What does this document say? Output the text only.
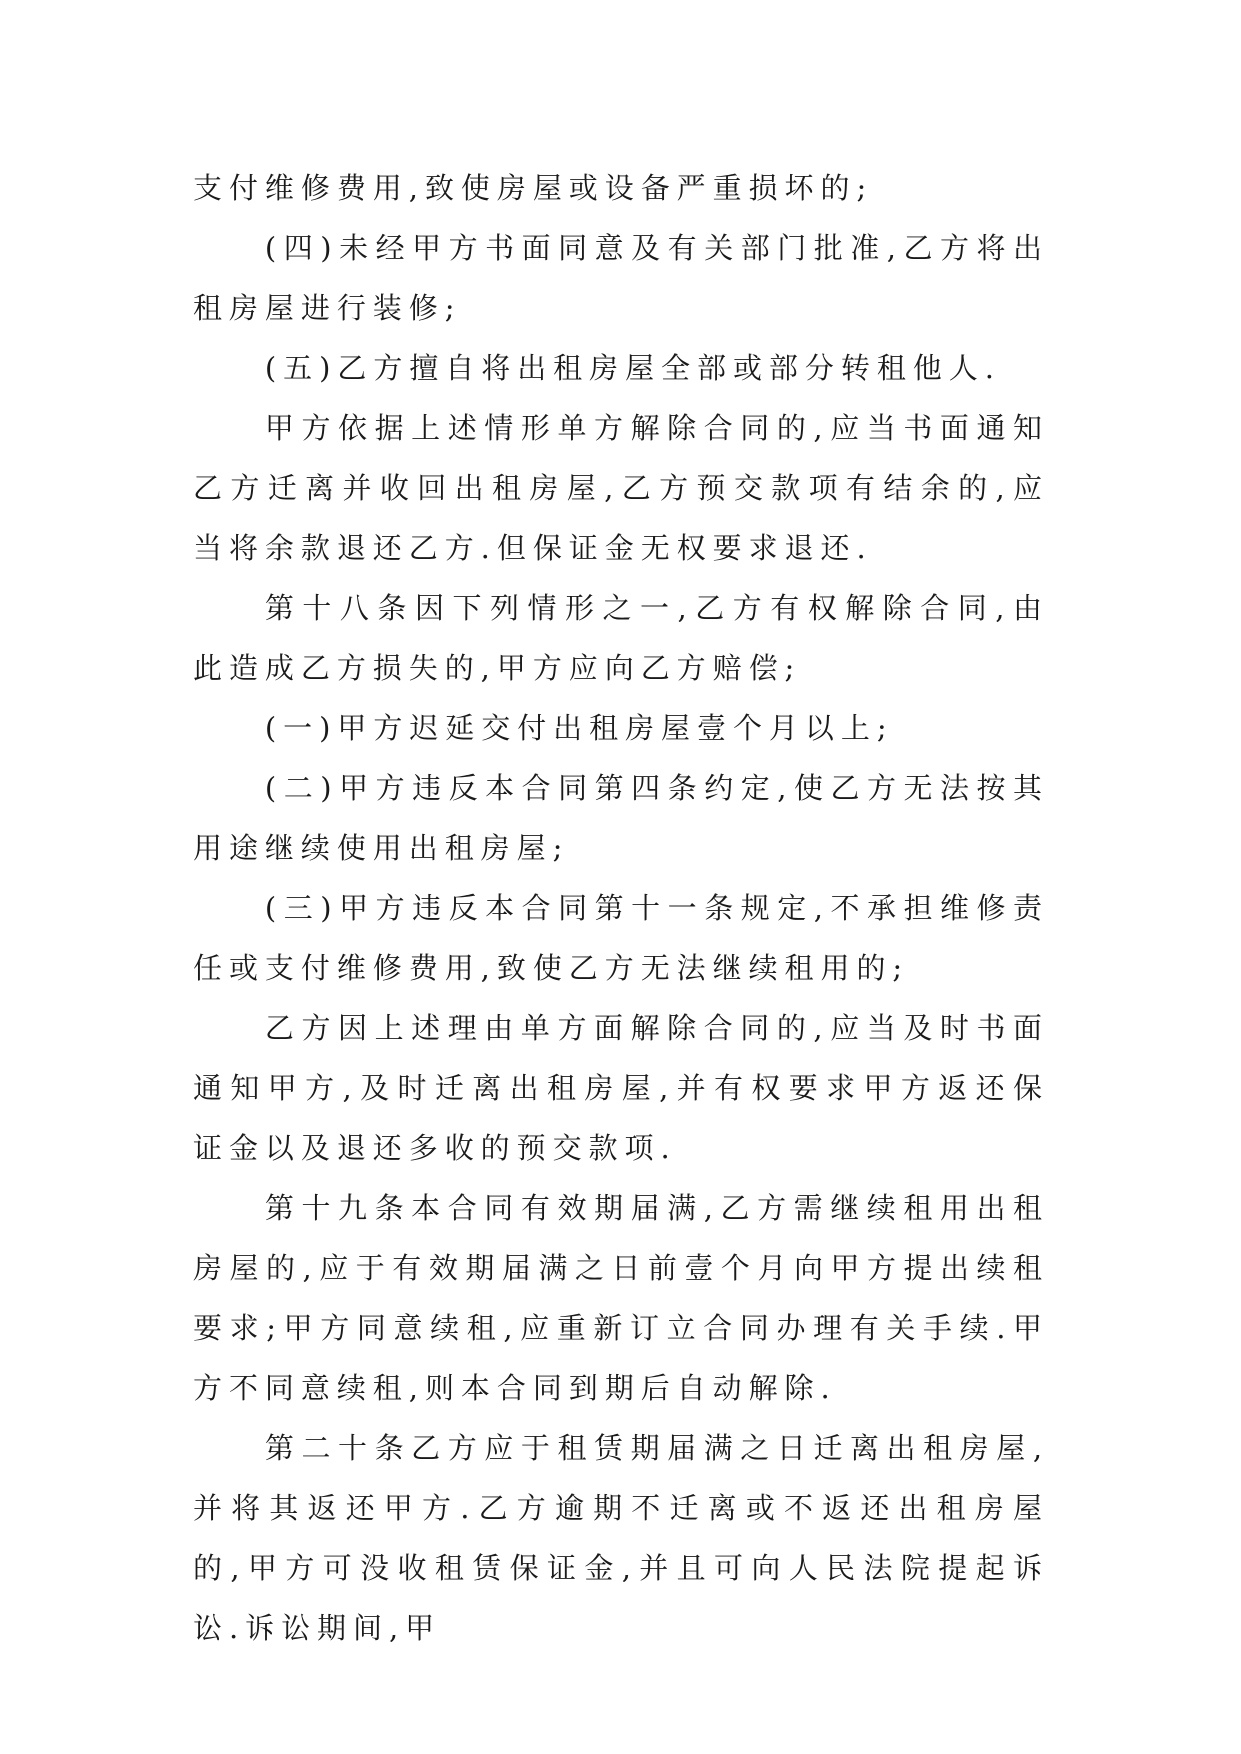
支付维修费用,致使房屋或设备严重损坏的;

(四)未经甲方书面同意及有关部门批准,乙方将出租房屋进行装修;

(五)乙方擅自将出租房屋全部或部分转租他人.

甲方依据上述情形单方解除合同的,应当书面通知乙方迁离并收回出租房屋,乙方预交款项有结余的,应当将余款退还乙方.但保证金无权要求退还.

第十八条因下列情形之一,乙方有权解除合同,由此造成乙方损失的,甲方应向乙方赔偿;

(一)甲方迟延交付出租房屋壹个月以上;

(二)甲方违反本合同第四条约定,使乙方无法按其用途继续使用出租房屋;

(三)甲方违反本合同第十一条规定,不承担维修责任或支付维修费用,致使乙方无法继续租用的;

乙方因上述理由单方面解除合同的,应当及时书面通知甲方,及时迁离出租房屋,并有权要求甲方返还保证金以及退还多收的预交款项.

第十九条本合同有效期届满,乙方需继续租用出租房屋的,应于有效期届满之日前壹个月向甲方提出续租要求;甲方同意续租,应重新订立合同办理有关手续.甲方不同意续租,则本合同到期后自动解除.

第二十条乙方应于租赁期届满之日迁离出租房屋,并将其返还甲方.乙方逾期不迁离或不返还出租房屋的,甲方可没收租赁保证金,并且可向人民法院提起诉讼.诉讼期间,甲
